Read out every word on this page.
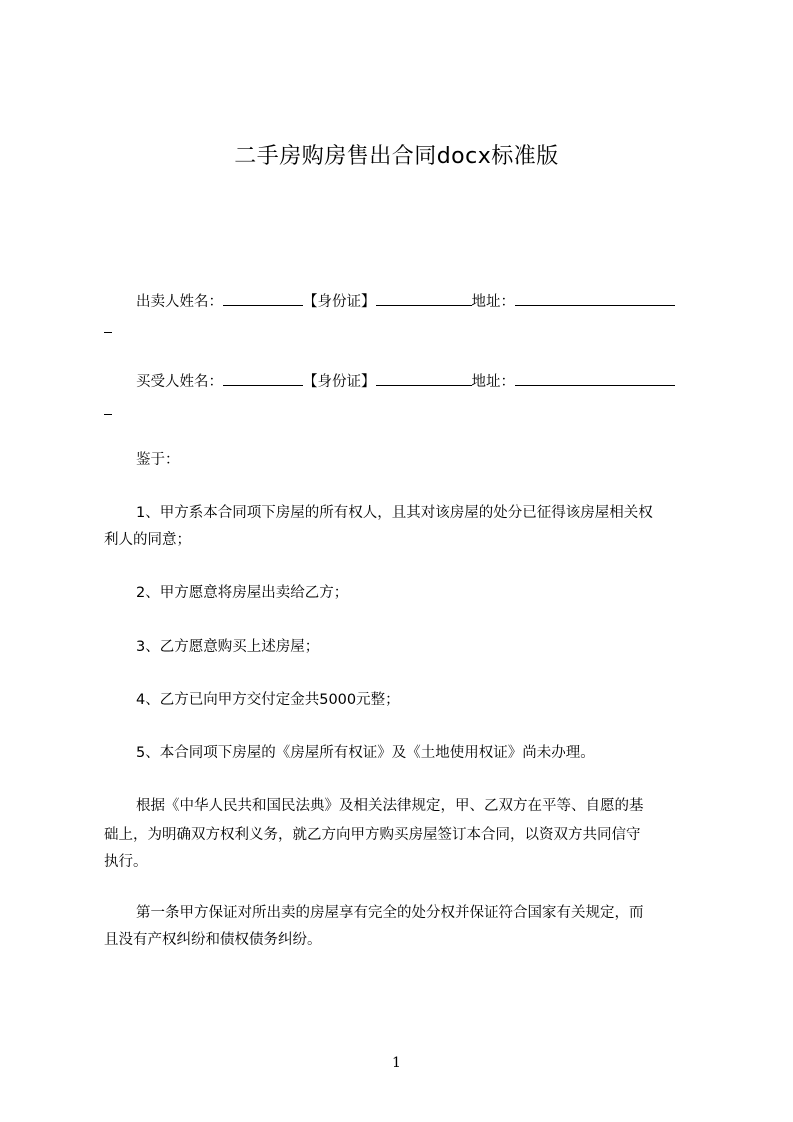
二手房购房售出合同docx标准版
出卖人姓名：	【身份证】	地址：
买受人姓名：	【身份证】	地址：
鉴于：
1、甲方系本合同项下房屋的所有权人，且其对该房屋的处分已征得该房屋相关权
利人的同意；
2、甲方愿意将房屋出卖给乙方；
3、乙方愿意购买上述房屋；
4、乙方已向甲方交付定金共5000元整；
5、本合同项下房屋的《房屋所有权证》及《土地使用权证》尚未办理。
根据《中华人民共和国民法典》及相关法律规定，甲、乙双方在平等、自愿的基
础上，为明确双方权利义务，就乙方向甲方购买房屋签订本合同，以资双方共同信守
执行。
第一条甲方保证对所出卖的房屋享有完全的处分权并保证符合国家有关规定，而
且没有产权纠纷和债权债务纠纷。
1
